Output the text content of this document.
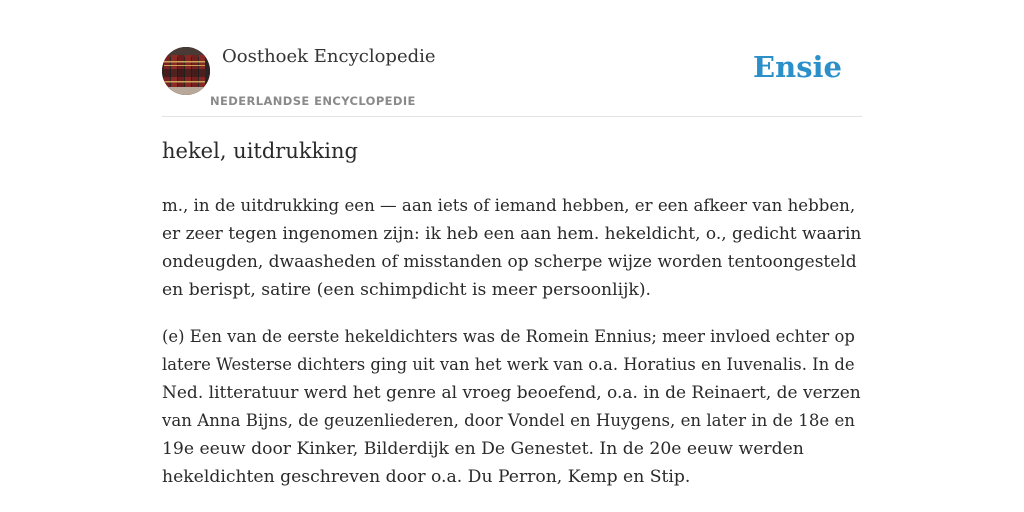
Oosthoek Encyclopedie
NEDERLANDSE ENCYCLOPEDIE
Ensie
hekel, uitdrukking

m., in de uitdrukking een — aan iets of iemand hebben, er een afkeer van hebben,
er zeer tegen ingenomen zijn: ik heb een aan hem. hekeldicht, o., gedicht waarin
ondeugden, dwaasheden of misstanden op scherpe wijze worden tentoongesteld
en berispt, satire (een schimpdicht is meer persoonlijk).

(e) Een van de eerste hekeldichters was de Romein Ennius; meer invloed echter op
latere Westerse dichters ging uit van het werk van o.a. Horatius en Iuvenalis. In de
Ned. litteratuur werd het genre al vroeg beoefend, o.a. in de Reinaert, de verzen
van Anna Bijns, de geuzenliederen, door Vondel en Huygens, en later in de 18e en
19e eeuw door Kinker, Bilderdijk en De Genestet. In de 20e eeuw werden
hekeldichten geschreven door o.a. Du Perron, Kemp en Stip.
